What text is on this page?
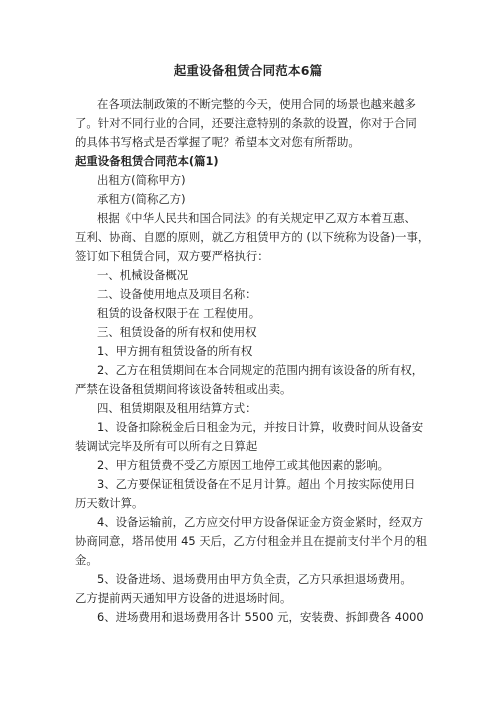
起重设备租赁合同范本6篇
在各项法制政策的不断完整的今天，使用合同的场景也越来越多
了。针对不同行业的合同，还要注意特别的条款的设置，你对于合同
的具体书写格式是否掌握了呢？希望本文对您有所帮助。
起重设备租赁合同范本(篇1)
出租方(简称甲方)
承租方(简称乙方)
根据《中华人民共和国合同法》的有关规定甲乙双方本着互惠、
互利、协商、自愿的原则，就乙方租赁甲方的 (以下统称为设备)一事，
签订如下租赁合同，双方要严格执行：
一、机械设备概况
二、设备使用地点及项目名称：
租赁的设备权限于在 工程使用。
三、租赁设备的所有权和使用权
1、甲方拥有租赁设备的所有权
2、乙方在租赁期间在本合同规定的范围内拥有该设备的所有权，
严禁在设备租赁期间将该设备转租或出卖。
四、租赁期限及租用结算方式：
1、设备扣除税金后日租金为元，并按日计算，收费时间从设备安
装调试完毕及所有可以所有之日算起
2、甲方租赁费不受乙方原因工地停工或其他因素的影响。
3、乙方要保证租赁设备在不足月计算。超出 个月按实际使用日
历天数计算。
4、设备运输前，乙方应交付甲方设备保证金方资金紧时，经双方
协商同意，塔吊使用 45 天后，乙方付租金并且在提前支付半个月的租
金。
5、设备进场、退场费用由甲方负全责，乙方只承担退场费用。
乙方提前两天通知甲方设备的进退场时间。
6、进场费用和退场费用各计 5500 元，安装费、拆卸费各 4000
